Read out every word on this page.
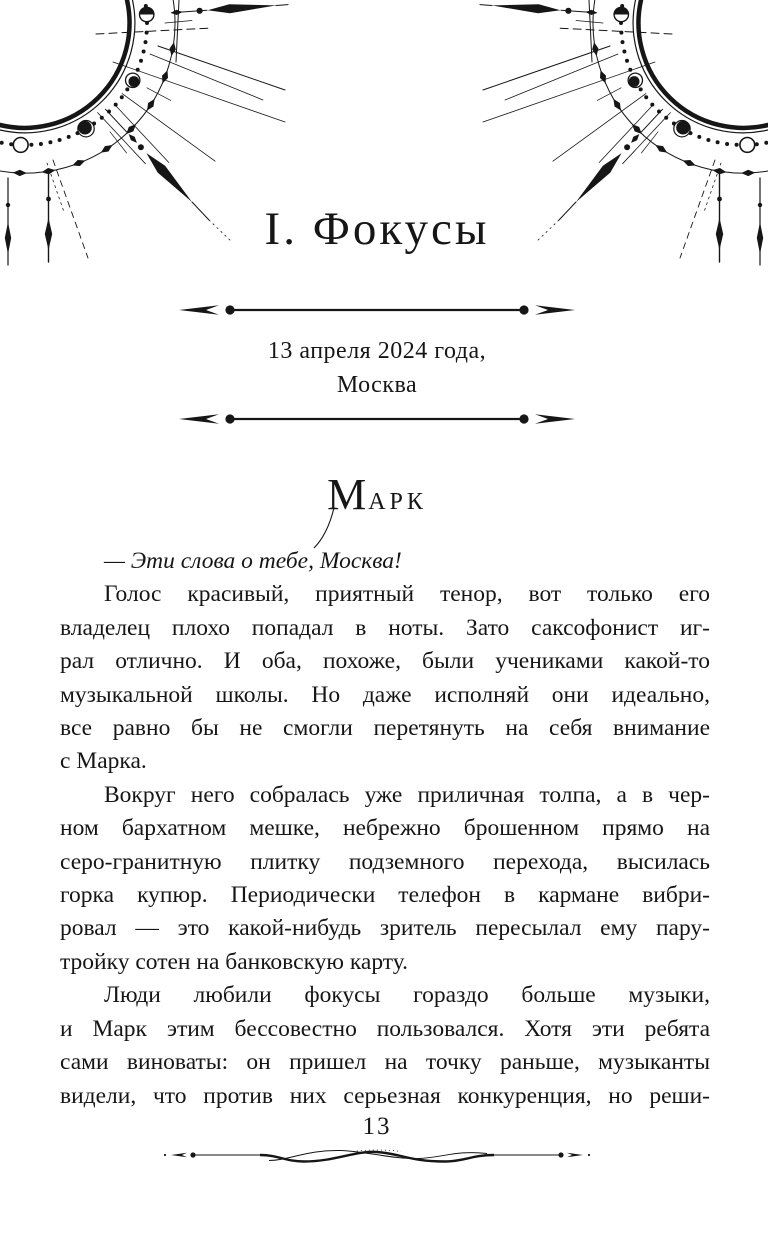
I. Фокусы
13 апреля 2024 года,
Москва
МАРК
— Эти слова о тебе, Москва!
Голос красивый, приятный тенор, вот только его
владелец плохо попадал в ноты. Зато саксофонист иг-
рал отлично. И оба, похоже, были учениками какой-то
музыкальной школы. Но даже исполняй они идеально,
все равно бы не смогли перетянуть на себя внимание
с Марка.
Вокруг него собралась уже приличная толпа, а в чер-
ном бархатном мешке, небрежно брошенном прямо на
серо-гранитную плитку подземного перехода, высилась
горка купюр. Периодически телефон в кармане вибри-
ровал — это какой-нибудь зритель пересылал ему пару-
тройку сотен на банковскую карту.
Люди любили фокусы гораздо больше музыки,
и Марк этим бессовестно пользовался. Хотя эти ребята
сами виноваты: он пришел на точку раньше, музыканты
видели, что против них серьезная конкуренция, но реши-
13
